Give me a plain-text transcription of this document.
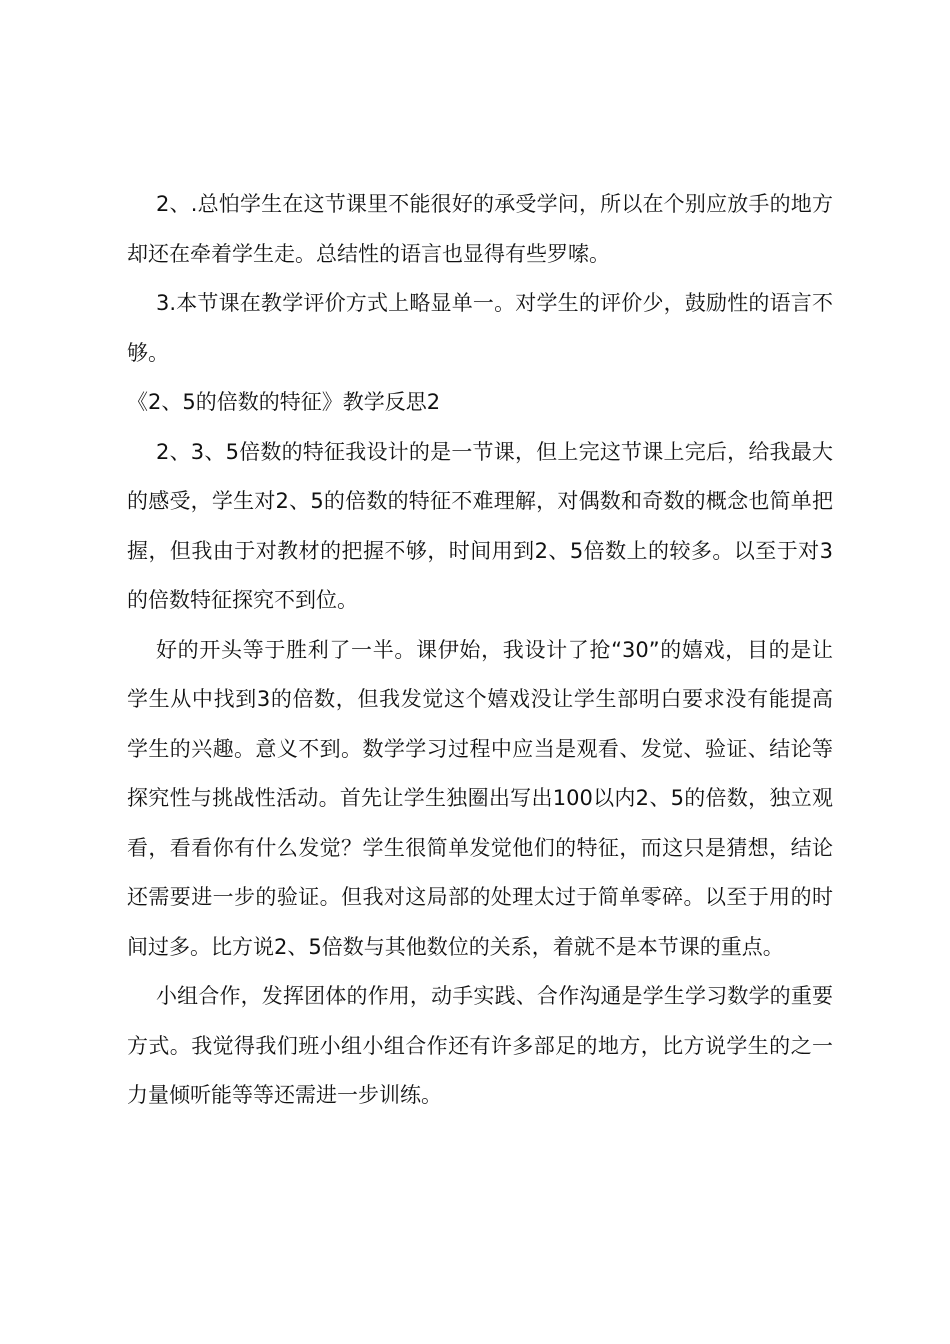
2、.总怕学生在这节课里不能很好的承受学问，所以在个别应放手的地方却还在牵着学生走。总结性的语言也显得有些罗嗦。

3.本节课在教学评价方式上略显单一。对学生的评价少，鼓励性的语言不够。

《2、5的倍数的特征》教学反思2

2、3、5倍数的特征我设计的是一节课，但上完这节课上完后，给我最大的感受，学生对2、5的倍数的特征不难理解，对偶数和奇数的概念也简单把握，但我由于对教材的把握不够，时间用到2、5倍数上的较多。以至于对3的倍数特征探究不到位。

好的开头等于胜利了一半。课伊始，我设计了抢“30”的嬉戏，目的是让学生从中找到3的倍数，但我发觉这个嬉戏没让学生部明白要求没有能提高学生的兴趣。意义不到。数学学习过程中应当是观看、发觉、验证、结论等探究性与挑战性活动。首先让学生独圈出写出100以内2、5的倍数，独立观看，看看你有什么发觉？学生很简单发觉他们的特征，而这只是猜想，结论还需要进一步的验证。但我对这局部的处理太过于简单零碎。以至于用的时间过多。比方说2、5倍数与其他数位的关系，着就不是本节课的重点。

小组合作，发挥团体的作用，动手实践、合作沟通是学生学习数学的重要方式。我觉得我们班小组小组合作还有许多部足的地方，比方说学生的之一力量倾听能等等还需进一步训练。
